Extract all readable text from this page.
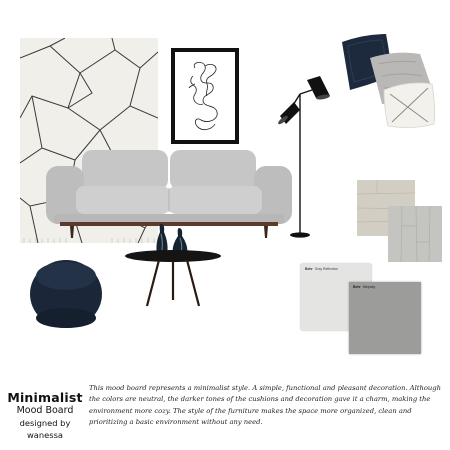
Behr Gray Reflection
Behr Stepney
Minimalist
Mood Board
designed by wanessa
This mood board represents a minimalist style. A simple, functional and pleasant decoration. Although the colors are neutral, the darker tones of the cushions and decoration gave it a charm, making the environment more cozy. The style of the furniture makes the space more organized, clean and prioritizing a basic environment without any need.
